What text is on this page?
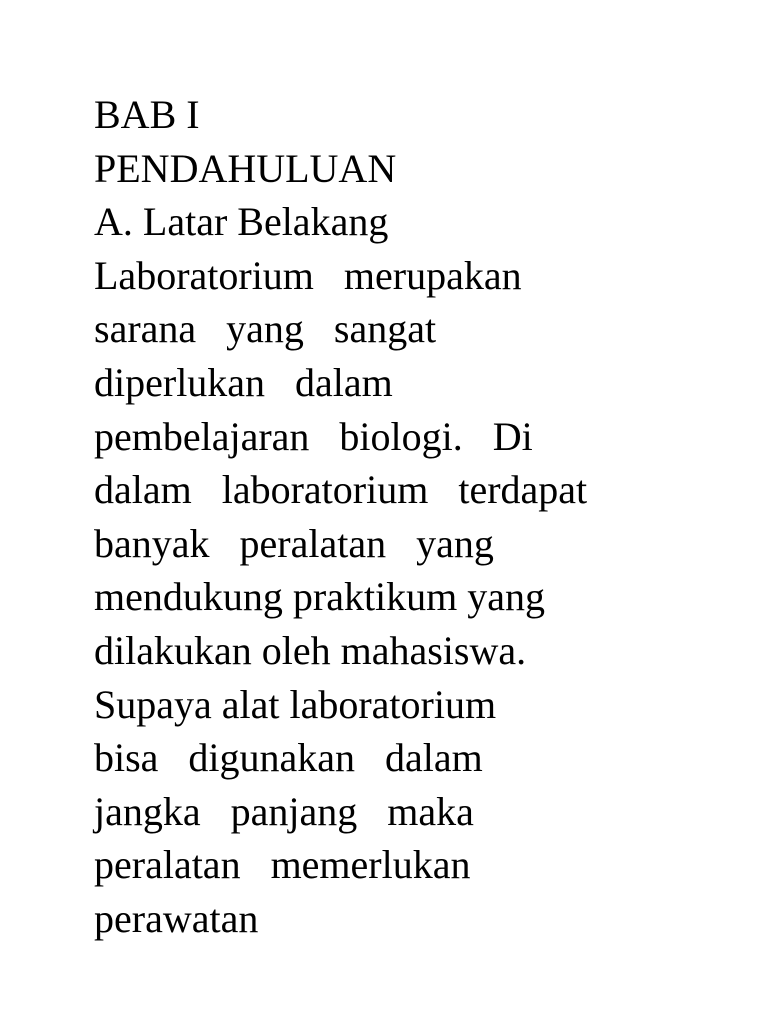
BAB I
PENDAHULUAN
A. Latar Belakang
Laboratorium   merupakan
sarana   yang   sangat
diperlukan   dalam
pembelajaran   biologi.   Di
dalam   laboratorium   terdapat
banyak   peralatan   yang
mendukung praktikum yang
dilakukan oleh mahasiswa.
Supaya alat laboratorium
bisa   digunakan   dalam
jangka   panjang   maka
peralatan   memerlukan
perawatan
